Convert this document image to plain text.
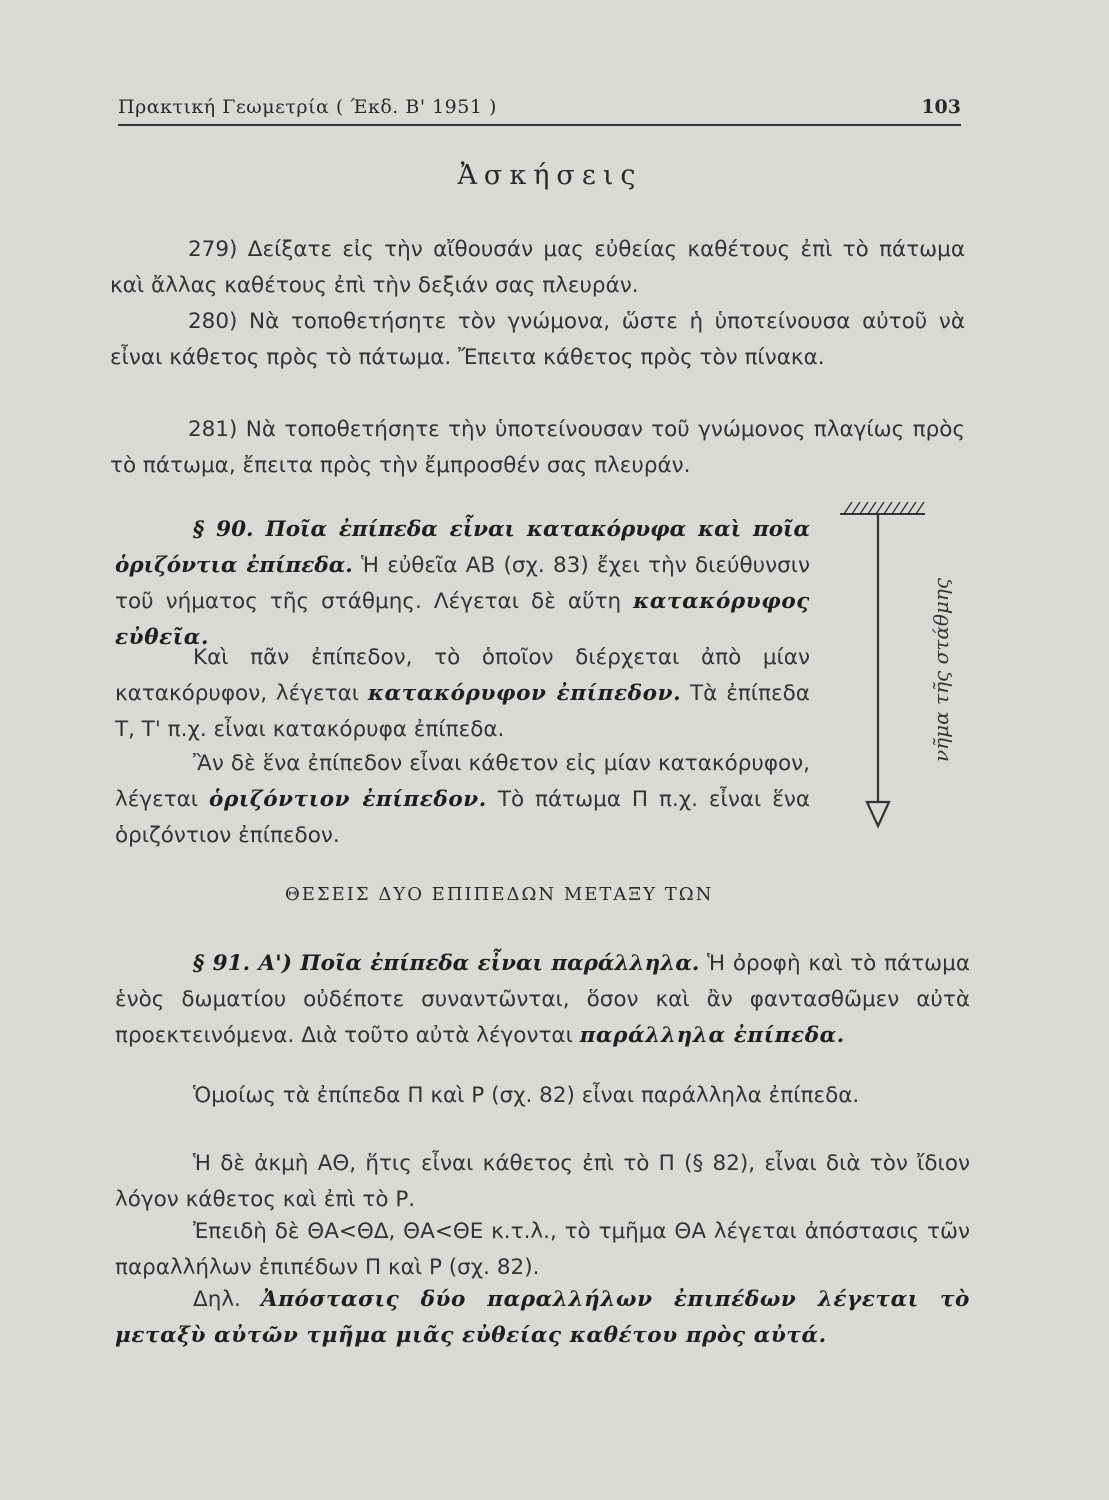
Πρακτική Γεωμετρία ( Έκδ. Β' 1951 )	103
Ἀσκήσεις

279) Δείξατε εἰς τὴν αἴθουσάν μας εὐθείας καθέτους ἐπὶ τὸ πάτωμα καὶ ἄλλας καθέτους ἐπὶ τὴν δεξιάν σας πλευράν.

280) Νὰ τοποθετήσητε τὸν γνώμονα, ὥστε ἡ ὑποτείνουσα αὐτοῦ νὰ εἶναι κάθετος πρὸς τὸ πάτωμα. Ἔπειτα κάθετος πρὸς τὸν πίνακα.

281) Νὰ τοποθετήσητε τὴν ὑποτείνουσαν τοῦ γνώμονος πλαγίως πρὸς τὸ πάτωμα, ἔπειτα πρὸς τὴν ἔμπροσθέν σας πλευράν.

§ 90. Ποῖα ἐπίπεδα εἶναι κατακόρυφα καὶ ποῖα ὁριζόντια ἐπίπεδα. Ἡ εὐθεῖα ΑΒ (σχ. 83) ἔχει τὴν διεύθυνσιν τοῦ νήματος τῆς στάθμης. Λέγεται δὲ αὕτη κατακόρυφος εὐθεῖα.

Καὶ πᾶν ἐπίπεδον, τὸ ὁποῖον διέρχεται ἀπὸ μίαν κατακόρυφον, λέγεται κατακόρυφον ἐπίπεδον. Τὰ ἐπίπεδα Τ, Τ' π.χ. εἶναι κατακόρυφα ἐπίπεδα.

Ἂν δὲ ἕνα ἐπίπεδον εἶναι κάθετον εἰς μίαν κατακόρυφον, λέγεται ὁριζόντιον ἐπίπεδον. Τὸ πάτωμα Π π.χ. εἶναι ἕνα ὁριζόντιον ἐπίπεδον.

νῆμα τῆς στάθμης
ΘΕΣΕΙΣ ΔΥΟ ΕΠΙΠΕΔΩΝ ΜΕΤΑΞΥ ΤΩΝ

§ 91. Α') Ποῖα ἐπίπεδα εἶναι παράλληλα. Ἡ ὀροφὴ καὶ τὸ πάτωμα ἑνὸς δωματίου οὐδέποτε συναντῶνται, ὅσον καὶ ἂν φαντασθῶμεν αὐτὰ προεκτεινόμενα. Διὰ τοῦτο αὐτὰ λέγονται παράλληλα ἐπίπεδα.

Ὁμοίως τὰ ἐπίπεδα Π καὶ Ρ (σχ. 82) εἶναι παράλληλα ἐπίπεδα.

Ἡ δὲ ἀκμὴ ΑΘ, ἥτις εἶναι κάθετος ἐπὶ τὸ Π (§ 82), εἶναι διὰ τὸν ἴδιον λόγον κάθετος καὶ ἐπὶ τὸ Ρ.

Ἐπειδὴ δὲ ΘΑ<ΘΔ, ΘΑ<ΘΕ κ.τ.λ., τὸ τμῆμα ΘΑ λέγεται ἀπόστασις τῶν παραλλήλων ἐπιπέδων Π καὶ Ρ (σχ. 82).

Δηλ. Ἀπόστασις δύο παραλλήλων ἐπιπέδων λέγεται τὸ μεταξὺ αὐτῶν τμῆμα μιᾶς εὐθείας καθέτου πρὸς αὐτά.
